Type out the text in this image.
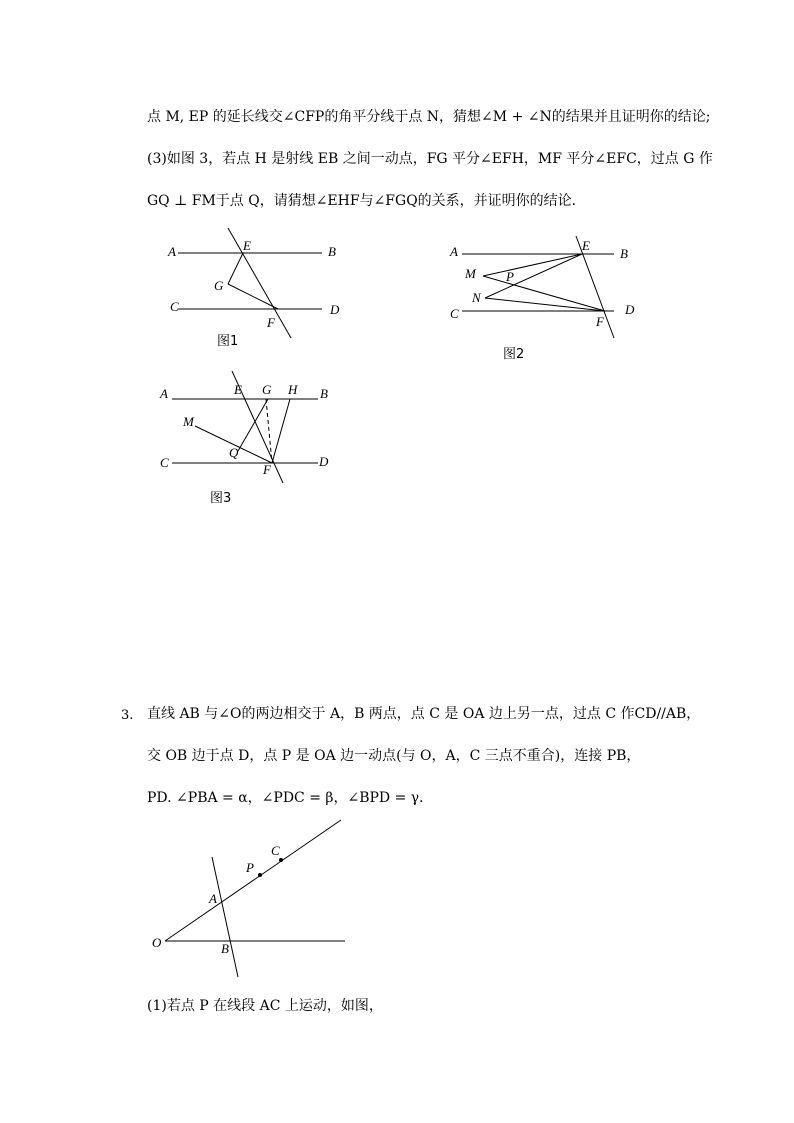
点 M, EP 的延长线交∠CFP的角平分线于点 N，猜想∠M + ∠N的结果并且证明你的结论;
(3)如图 3，若点 H 是射线 EB 之间一动点，FG 平分∠EFH，MF 平分∠EFC，过点 G 作
GQ ⊥ FM于点 Q，请猜想∠EHF与∠FGQ的关系，并证明你的结论．
A	B
C	D
E
F
G
A	B
C	D
E
F
M
N
P
A	B
C	D
E
F
G H
M
Q
O
A
B
C
P
图1
图2
图3
3. 直线 AB 与∠O的两边相交于 A，B 两点，点 C 是 OA 边上另一点，过点 C 作CD//AB，
交 OB 边于点 D，点 P 是 OA 边一动点(与 O，A，C 三点不重合)，连接 PB，
PD. ∠PBA = α，∠PDC = β，∠BPD = γ．
(1)若点 P 在线段 AC 上运动，如图，
